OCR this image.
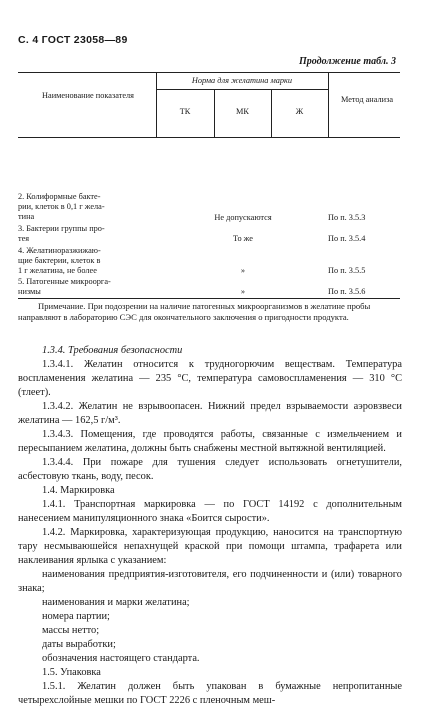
С. 4 ГОСТ 23058—89
Продолжение табл. 3
Наименование показателя
Норма для желатина марки
ТК	МК	Ж
Метод анализа
2. Колиформные бакте-
рии, клеток в 0,1 г жела-
тина	Не допускаются	По п. 3.5.3
3. Бактерии группы про-
тея	То же	По п. 3.5.4
4. Желатиноразжижаю-
щие бактерии, клеток в
1 г желатина, не более	»	По п. 3.5.5
5. Патогенные микроорга-
низмы	»	По п. 3.5.6
Примечание. При подозрении на наличие патогенных микроорганизмов в желатине пробы направляют в лабораторию СЭС для окончательного заключения о пригодности продукта.

1.3.4. Требования безопасности

1.3.4.1. Желатин относится к трудногорючим веществам. Температура воспламенения желатина — 235 °С, температура самовоспламенения — 310 °С (тлеет).

1.3.4.2. Желатин не взрывоопасен. Нижний предел взрываемости аэровзвеси желатина — 162,5 г/м³.

1.3.4.3. Помещения, где проводятся работы, связанные с измельчением и пересыпанием желатина, должны быть снабжены местной вытяжной вентиляцией.

1.3.4.4. При пожаре для тушения следует использовать огнетушители, асбестовую ткань, воду, песок.

1.4. Маркировка

1.4.1. Транспортная маркировка — по ГОСТ 14192 с дополнительным нанесением манипуляционного знака «Боится сырости».

1.4.2. Маркировка, характеризующая продукцию, наносится на транспортную тару несмываюшейся непахнущей краской при помощи штампа, трафарета или наклеивания ярлыка с указанием:

наименования предприятия-изготовителя, его подчиненности и (или) товарного знака;

наименования и марки желатина;

номера партии;

массы нетто;

даты выработки;

обозначения настоящего стандарта.

1.5. Упаковка

1.5.1. Желатин должен быть упакован в бумажные непропитанные четырехслойные мешки по ГОСТ 2226 с пленочным меш-
